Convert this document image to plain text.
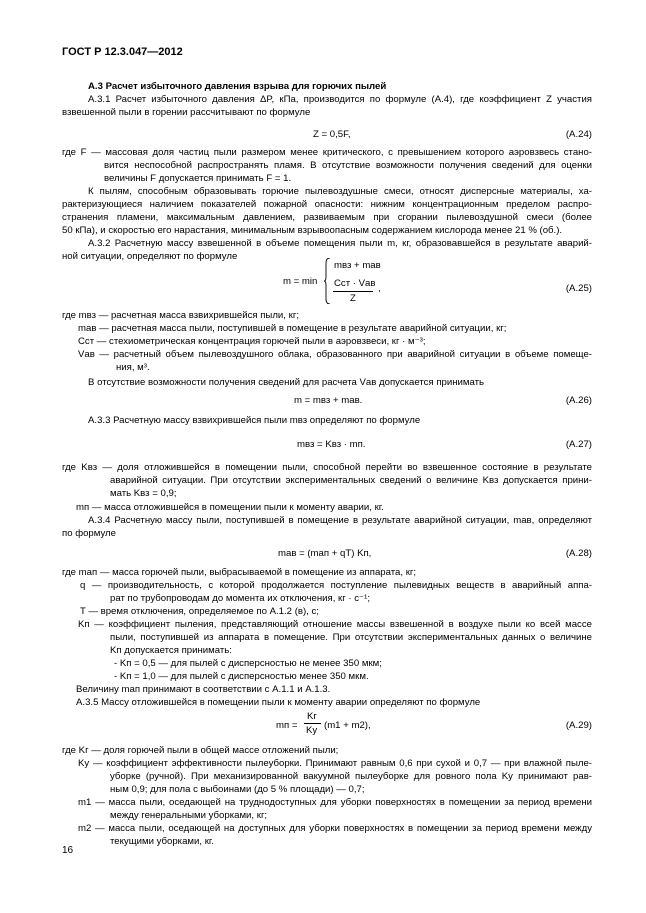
ГОСТ Р 12.3.047—2012
А.3 Расчет избыточного давления взрыва для горючих пылей
А.3.1 Расчет избыточного давления ΔP, кПа, производится по формуле (А.4), где коэффициент Z участия
взвешенной пыли в горении рассчитывают по формуле
Z = 0,5F,	(А.24)
где F — массовая доля частиц пыли размером менее критического, с превышением которого аэровзвесь стано-
вится неспособной распространять пламя. В отсутствие возможности получения сведений для оценки
величины F допускается принимать F = 1.
К пылям, способным образовывать горючие пылевоздушные смеси, относят дисперсные материалы, ха-
рактеризующиеся наличием показателей пожарной опасности: нижним концентрационным пределом распро-
странения пламени, максимальным давлением, развиваемым при сгорании пылевоздушной смеси (более
50 кПа), и скоростью его нарастания, минимальным взрывоопасным содержанием кислорода менее 21 % (об.).
А.3.2 Расчетную массу взвешенной в объеме помещения пыли m, кг, образовавшейся в результате аварий-
ной ситуации, определяют по формуле
m = min
mвз + mав
Cст · Vав
Z
,	(А.25)
где mвз — расчетная масса взвихрившейся пыли, кг;
mав — расчетная масса пыли, поступившей в помещение в результате аварийной ситуации, кг;
Cст — стехиометрическая концентрация горючей пыли в аэровзвеси, кг · м⁻³;
Vав — расчетный объем пылевоздушного облака, образованного при аварийной ситуации в объеме помеще-
ния, м³.
В отсутствие возможности получения сведений для расчета Vав допускается принимать
m = mвз + mав.	(А.26)
А.3.3 Расчетную массу взвихрившейся пыли mвз определяют по формуле
mвз = Kвз · mп.	(А.27)
где Kвз — доля отложившейся в помещении пыли, способной перейти во взвешенное состояние в результате
аварийной ситуации. При отсутствии экспериментальных сведений о величине Kвз допускается прини-
мать Kвз = 0,9;
mп — масса отложившейся в помещении пыли к моменту аварии, кг.
А.3.4 Расчетную массу пыли, поступившей в помещение в результате аварийной ситуации, mав, определяют
по формуле
mав = (mап + qT) Kп,	(А.28)
где mап — масса горючей пыли, выбрасываемой в помещение из аппарата, кг;
q — производительность, с которой продолжается поступление пылевидных веществ в аварийный аппа-
рат по трубопроводам до момента их отключения, кг · с⁻¹;
T — время отключения, определяемое по А.1.2 (в), с;
Kп — коэффициент пыления, представляющий отношение массы взвешенной в воздухе пыли ко всей массе
пыли, поступившей из аппарата в помещение. При отсутствии экспериментальных данных о величине
Kп допускается принимать:
- Kп = 0,5 — для пылей с дисперсностью не менее 350 мкм;
- Kп = 1,0 — для пылей с дисперсностью менее 350 мкм.
Величину mап принимают в соответствии с А.1.1 и А.1.3.
А.3.5 Массу отложившейся в помещении пыли к моменту аварии определяют по формуле
mп =
Kг
Kу (m1 + m2),	(А.29)
где Kг — доля горючей пыли в общей массе отложений пыли;
Kу — коэффициент эффективности пылеуборки. Принимают равным 0,6 при сухой и 0,7 — при влажной пыле-
уборке (ручной). При механизированной вакуумной пылеуборке для ровного пола Kу принимают рав-
ным 0,9; для пола с выбоинами (до 5 % площади) — 0,7;
m1 — масса пыли, оседающей на труднодоступных для уборки поверхностях в помещении за период времени
между генеральными уборками, кг;
m2 — масса пыли, оседающей на доступных для уборки поверхностях в помещении за период времени между
текущими уборками, кг.
16
